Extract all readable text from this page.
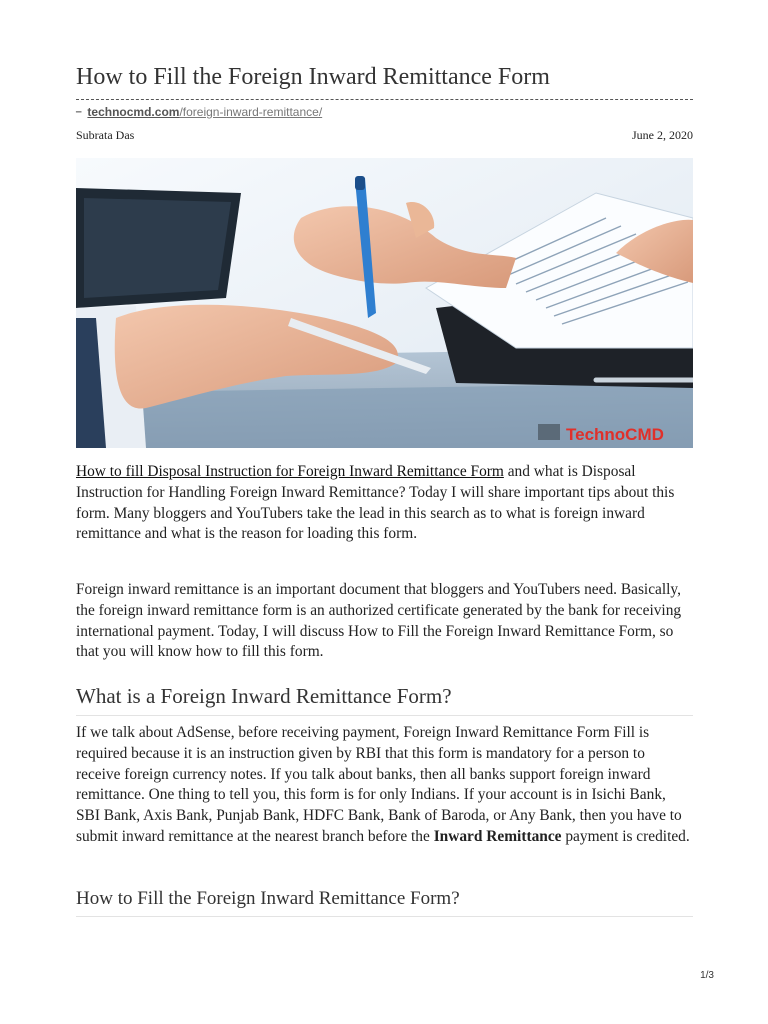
How to Fill the Foreign Inward Remittance Form
━ technocmd.com/foreign-inward-remittance/
Subrata Das	June 2, 2020
TechnoCMD

How to fill Disposal Instruction for Foreign Inward Remittance Form and what is Disposal Instruction for Handling Foreign Inward Remittance? Today I will share important tips about this form. Many bloggers and YouTubers take the lead in this search as to what is foreign inward remittance and what is the reason for loading this form.

Foreign inward remittance is an important document that bloggers and YouTubers need. Basically, the foreign inward remittance form is an authorized certificate generated by the bank for receiving international payment. Today, I will discuss How to Fill the Foreign Inward Remittance Form, so that you will know how to fill this form.

What is a Foreign Inward Remittance Form?

If we talk about AdSense, before receiving payment, Foreign Inward Remittance Form Fill is required because it is an instruction given by RBI that this form is mandatory for a person to receive foreign currency notes. If you talk about banks, then all banks support foreign inward remittance. One thing to tell you, this form is for only Indians. If your account is in Isichi Bank, SBI Bank, Axis Bank, Punjab Bank, HDFC Bank, Bank of Baroda, or Any Bank, then you have to submit inward remittance at the nearest branch before the Inward Remittance payment is credited.

How to Fill the Foreign Inward Remittance Form?
1/3
